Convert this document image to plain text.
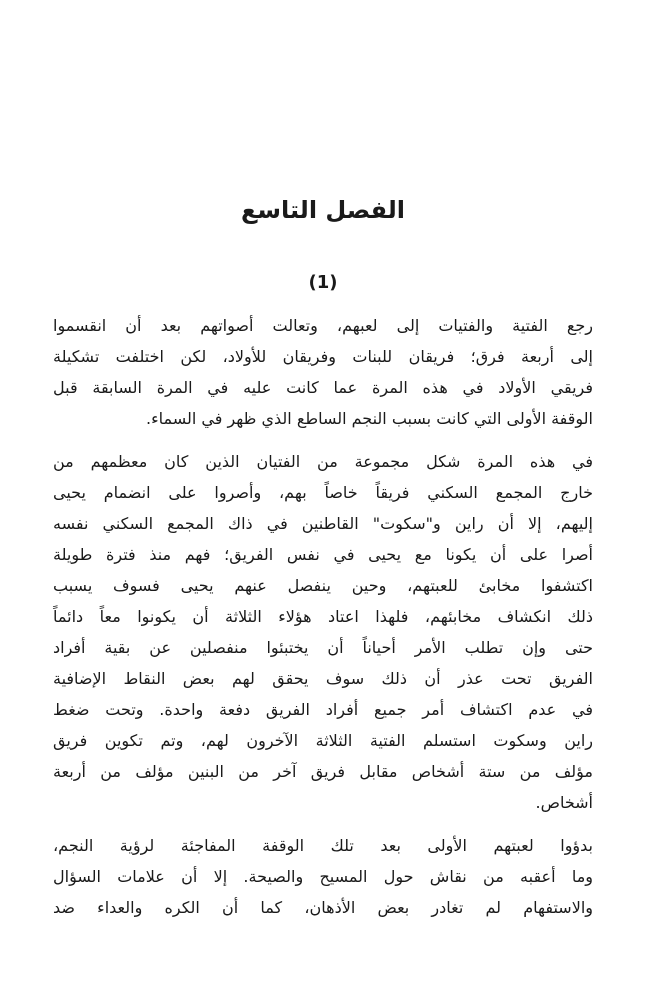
الفصل التاسع
(1)
رجع الفتية والفتيات إلى لعبهم، وتعالت أصواتهم بعد أن انقسموا
إلى أربعة فرق؛ فريقان للبنات وفريقان للأولاد، لكن اختلفت تشكيلة
فريقي الأولاد في هذه المرة عما كانت عليه في المرة السابقة قبل
الوقفة الأولى التي كانت بسبب النجم الساطع الذي ظهر في السماء.
في هذه المرة شكل مجموعة من الفتيان الذين كان معظمهم من
خارج المجمع السكني فريقاً خاصاً بهم، وأصروا على انضمام يحيى
إليهم، إلا أن راين و"سكوت" القاطنين في ذاك المجمع السكني نفسه
أصرا على أن يكونا مع يحيى في نفس الفريق؛ فهم منذ فترة طويلة
اكتشفوا مخابئ للعبتهم، وحين ينفصل عنهم يحيى فسوف يسبب
ذلك انكشاف مخابئهم، فلهذا اعتاد هؤلاء الثلاثة أن يكونوا معاً دائماً
حتى وإن تطلب الأمر أحياناً أن يختبئوا منفصلين عن بقية أفراد
الفريق تحت عذر أن ذلك سوف يحقق لهم بعض النقاط الإضافية
في عدم اكتشاف أمر جميع أفراد الفريق دفعة واحدة. وتحت ضغط
راين وسكوت استسلم الفتية الثلاثة الآخرون لهم، وتم تكوين فريق
مؤلف من ستة أشخاص مقابل فريق آخر من البنين مؤلف من أربعة
أشخاص.
بدؤوا لعبتهم الأولى بعد تلك الوقفة المفاجئة لرؤية النجم،
وما أعقبه من نقاش حول المسيح والصيحة. إلا أن علامات السؤال
والاستفهام لم تغادر بعض الأذهان، كما أن الكره والعداء ضد
